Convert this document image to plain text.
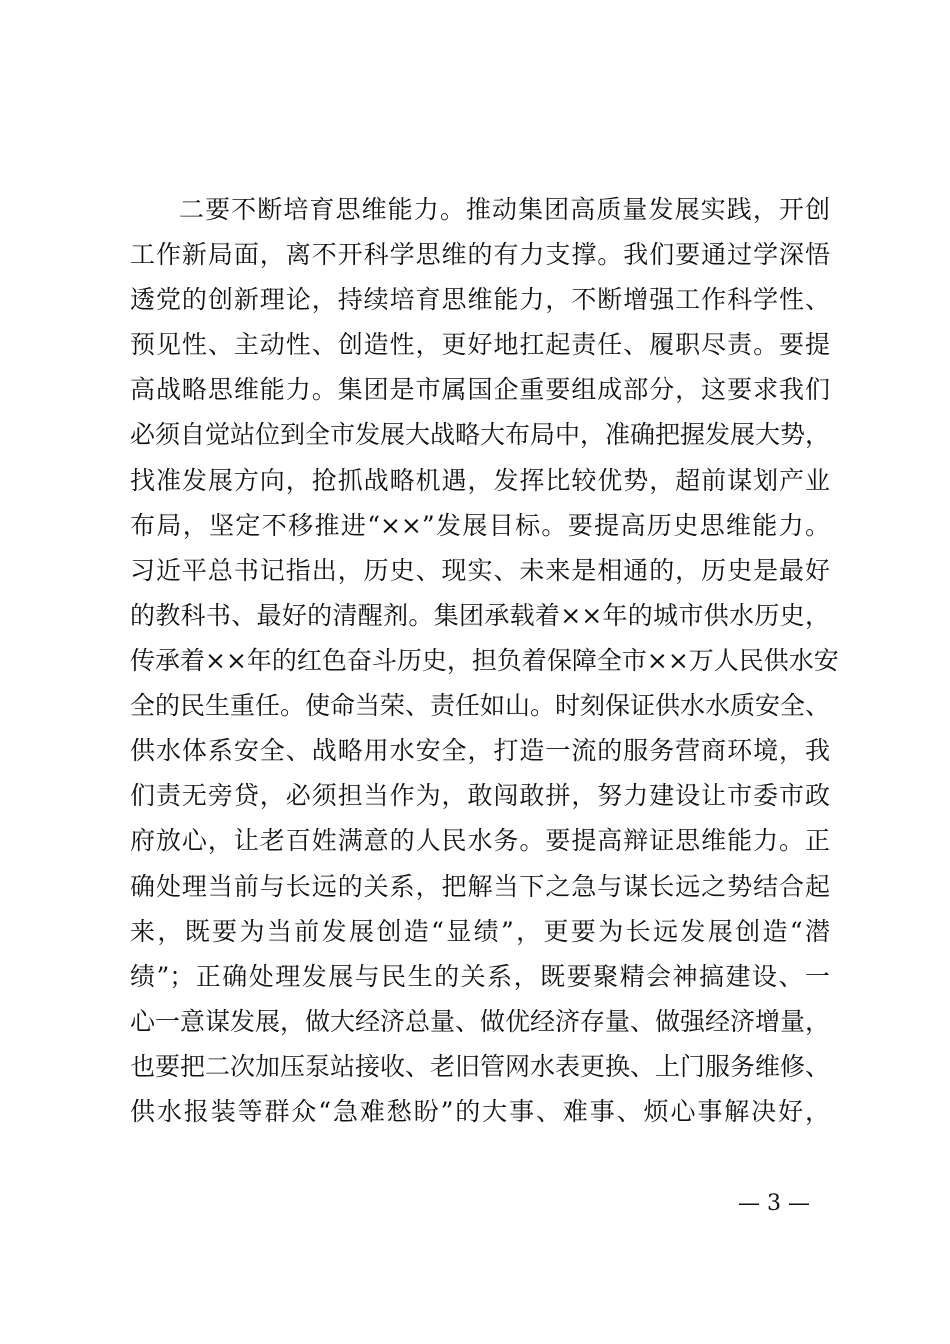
二要不断培育思维能力。推动集团高质量发展实践，开创
工作新局面，离不开科学思维的有力支撑。我们要通过学深悟
透党的创新理论，持续培育思维能力，不断增强工作科学性、
预见性、主动性、创造性，更好地扛起责任、履职尽责。要提
高战略思维能力。集团是市属国企重要组成部分，这要求我们
必须自觉站位到全市发展大战略大布局中，准确把握发展大势，
找准发展方向，抢抓战略机遇，发挥比较优势，超前谋划产业
布局，坚定不移推进“××”发展目标。要提高历史思维能力。
习近平总书记指出，历史、现实、未来是相通的，历史是最好
的教科书、最好的清醒剂。集团承载着××年的城市供水历史，
传承着××年的红色奋斗历史，担负着保障全市××万人民供水安
全的民生重任。使命当荣、责任如山。时刻保证供水水质安全、
供水体系安全、战略用水安全，打造一流的服务营商环境，我
们责无旁贷，必须担当作为，敢闯敢拼，努力建设让市委市政
府放心，让老百姓满意的人民水务。要提高辩证思维能力。正
确处理当前与长远的关系，把解当下之急与谋长远之势结合起
来，既要为当前发展创造“显绩”，更要为长远发展创造“潜
绩”；正确处理发展与民生的关系，既要聚精会神搞建设、一
心一意谋发展，做大经济总量、做优经济存量、做强经济增量，
也要把二次加压泵站接收、老旧管网水表更换、上门服务维修、
供水报装等群众“急难愁盼”的大事、难事、烦心事解决好，
— 3 —
